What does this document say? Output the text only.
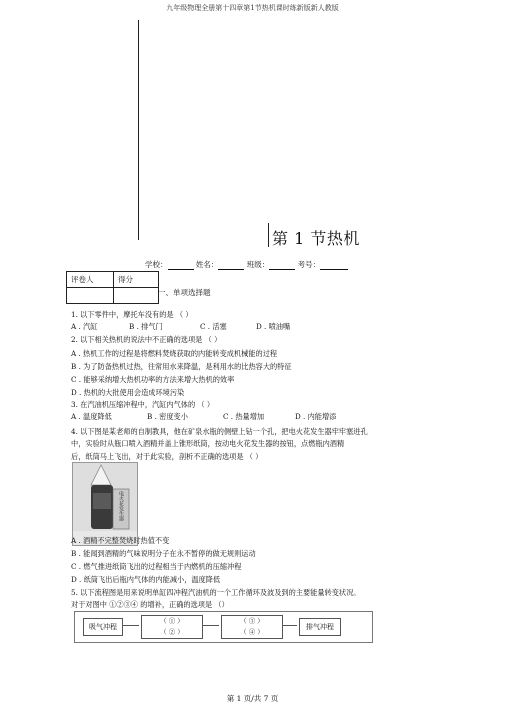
九年级物理全册第十四章第1节热机课时练新版新人教版
第 1 节热机
学校：	姓名：	班级：	考号：
评卷人	得分

一、单项选择题
1. 以下零件中，摩托车没有的是 （ ）
A . 汽缸	B . 排气门	C . 活塞	D . 喷油嘴
2. 以下相关热机的说法中不正确的选项是 （ ）
A . 热机工作的过程是将燃料焚烧获取的内能转变成机械能的过程
B . 为了防备热机过热，往常用水来降温，是利用水的比热容大的特征
C . 能够采纳增大热机功率的方法来增大热机的效率
D . 热机的大批使用会造成环境污染
3. 在汽油机压缩冲程中，汽缸内气体的 （ ）
A . 温度降低	B . 密度变小	C . 热量增加	D . 内能增添
4. 以下图是某老师的自制教具，他在矿泉水瓶的侧壁上钻一个孔，把电火花发生器牢牢塞进孔
中，实验时从瓶口喷入酒精并盖上锥形纸筒，按动电火花发生器的按钮，点燃瓶内酒精
后，纸筒马上飞出，对于此实验，剖析不正确的选项是 （ ）
电火花发生器
A . 酒精不完整焚烧时热值不变
B . 能闻到酒精的气味说明分子在永不暂停的做无规则运动
C . 燃气推进纸筒飞出的过程相当于内燃机的压缩冲程
D . 纸筒飞出后瓶内气体的内能减小，温度降低
5. 以下流程图是用来说明单缸四冲程汽油机的一个工作循环及波及到的主要能量转变状况。
对于对图中 ①②③④ 的增补，正确的选项是 （）
吸气冲程
（ ① ）
（ ② ）
（ ③ ）
（ ④ ）
排气冲程
第 1 页/共 7 页
